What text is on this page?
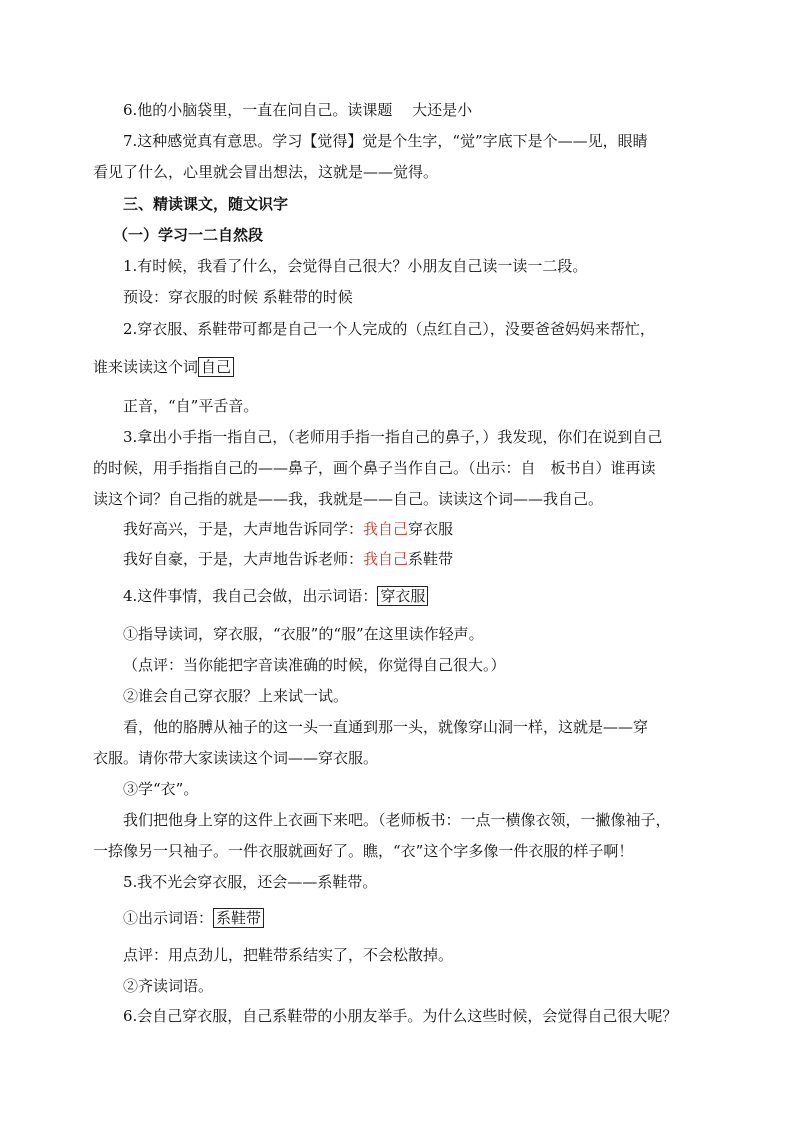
6.他的小脑袋里，一直在问自己。读课题　 大还是小
7.这种感觉真有意思。学习【觉得】觉是个生字，“觉”字底下是个——见，眼睛
看见了什么，心里就会冒出想法，这就是——觉得。
三、精读课文，随文识字
（一）学习一二自然段
1.有时候，我看了什么，会觉得自己很大？小朋友自己读一读一二段。
预设：穿衣服的时候 系鞋带的时候
2.穿衣服、系鞋带可都是自己一个人完成的（点红自己），没要爸爸妈妈来帮忙，
谁来读读这个词 自己
正音，“自”平舌音。
3.拿出小手指一指自己，（老师用手指一指自己的鼻子，）我发现，你们在说到自己
的时候，用手指指自己的——鼻子，画个鼻子当作自己。（出示：自　板书自）谁再读
读这个词？自己指的就是——我，我就是——自己。读读这个词——我自己。
我好高兴，于是，大声地告诉同学：我自己穿衣服
我好自豪，于是，大声地告诉老师：我自己系鞋带
4.这件事情，我自己会做，出示词语： 穿衣服
①指导读词，穿衣服，“衣服”的“服”在这里读作轻声。
（点评：当你能把字音读准确的时候，你觉得自己很大。）
②谁会自己穿衣服？上来试一试。
看，他的胳膊从袖子的这一头一直通到那一头，就像穿山洞一样，这就是——穿
衣服。请你带大家读读这个词——穿衣服。
③学“衣”。
我们把他身上穿的这件上衣画下来吧。（老师板书：一点一横像衣领，一撇像袖子，
一捺像另一只袖子。一件衣服就画好了。瞧，“衣”这个字多像一件衣服的样子啊！
5.我不光会穿衣服，还会——系鞋带。
①出示词语： 系鞋带
点评：用点劲儿，把鞋带系结实了，不会松散掉。
②齐读词语。
6.会自己穿衣服，自己系鞋带的小朋友举手。为什么这些时候，会觉得自己很大呢？
